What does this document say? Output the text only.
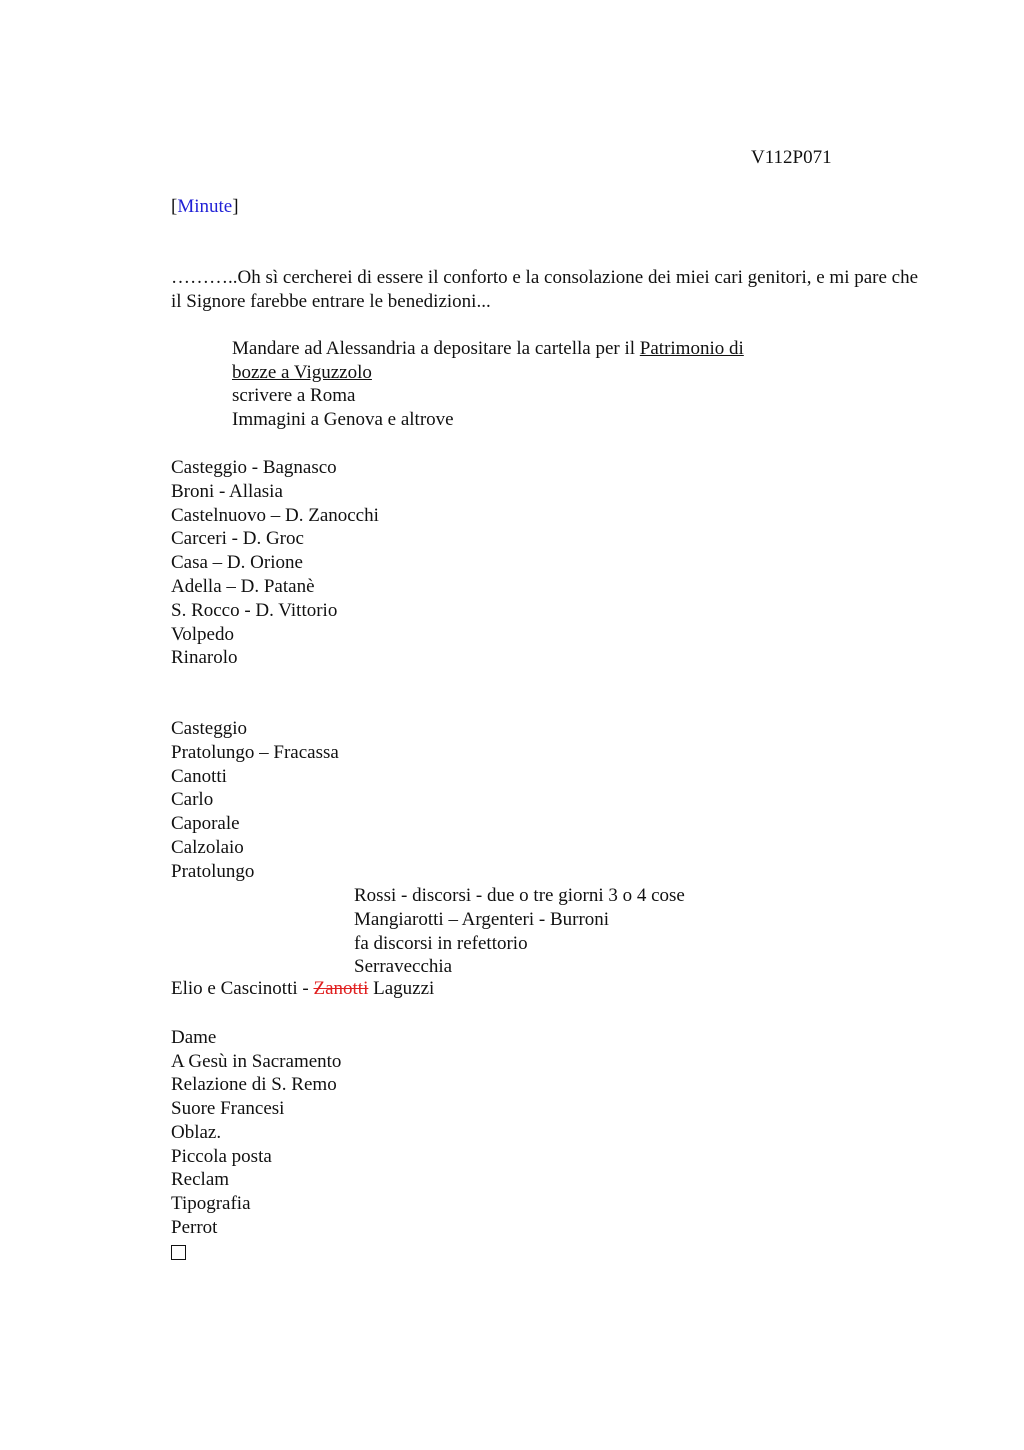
V112P071
[Minute]
………..Oh sì cercherei di essere il conforto e la consolazione dei miei cari genitori, e mi pare che il Signore farebbe entrare le benedizioni...
Mandare ad Alessandria a depositare la cartella per il Patrimonio di
bozze a Viguzzolo
scrivere a Roma
Immagini a Genova e altrove
Casteggio - Bagnasco
Broni - Allasia
Castelnuovo – D. Zanocchi
Carceri - D. Groc
Casa – D. Orione
Adella – D. Patanè
S. Rocco - D. Vittorio
Volpedo
Rinarolo
Casteggio
Pratolungo – Fracassa
Canotti
Carlo
Caporale
Calzolaio
Pratolungo
Rossi - discorsi - due o tre giorni 3 o 4 cose
Mangiarotti – Argenteri - Burroni
fa discorsi in refettorio
Serravecchia
Elio e Cascinotti - Zanotti Laguzzi
Dame
A Gesù in Sacramento
Relazione di S. Remo
Suore Francesi
Oblaz.
Piccola posta
Reclam
Tipografia
Perrot
